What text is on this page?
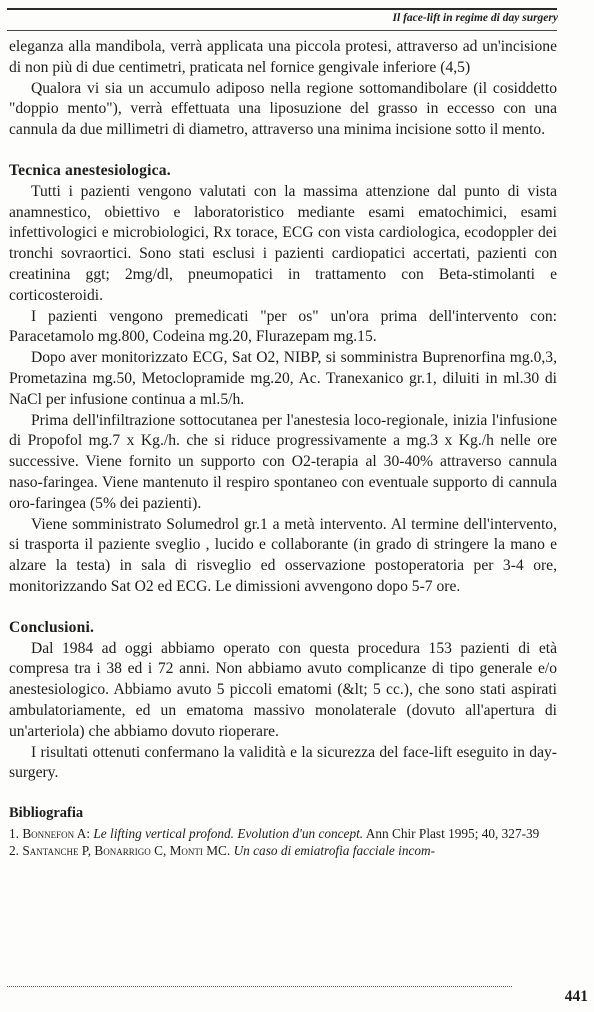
Il face-lift in regime di day surgery

eleganza alla mandibola, verrà applicata una piccola protesi, attraverso ad un'incisione di non più di due centimetri, praticata nel fornice gengivale inferiore (4,5)

Qualora vi sia un accumulo adiposo nella regione sottomandibolare (il cosiddetto "doppio mento"), verrà effettuata una liposuzione del grasso in eccesso con una cannula da due millimetri di diametro, attraverso una minima incisione sotto il mento.

Tecnica anestesiologica.

Tutti i pazienti vengono valutati con la massima attenzione dal punto di vista anamnestico, obiettivo e laboratoristico mediante esami ematochimici, esami infettivologici e microbiologici, Rx torace, ECG con vista cardiologica, ecodoppler dei tronchi sovraortici. Sono stati esclusi i pazienti cardiopatici accertati, pazienti con creatinina ggt; 2mg/dl, pneumopatici in trattamento con Beta-stimolanti e corticosteroidi.

I pazienti vengono premedicati "per os" un'ora prima dell'intervento con: Paracetamolo mg.800, Codeina mg.20, Flurazepam mg.15.

Dopo aver monitorizzato ECG, Sat O2, NIBP, si somministra Buprenorfina mg.0,3, Prometazina mg.50, Metoclopramide mg.20, Ac. Tranexanico gr.1, diluiti in ml.30 di NaCl per infusione continua a ml.5/h.

Prima dell'infiltrazione sottocutanea per l'anestesia loco-regionale, inizia l'infusione di Propofol mg.7 x Kg./h. che si riduce progressivamente a mg.3 x Kg./h nelle ore successive. Viene fornito un supporto con O2-terapia al 30-40% attraverso cannula naso-faringea. Viene mantenuto il respiro spontaneo con eventuale supporto di cannula oro-faringea (5% dei pazienti).

Viene somministrato Solumedrol gr.1 a metà intervento. Al termine dell'intervento, si trasporta il paziente sveglio , lucido e collaborante (in grado di stringere la mano e alzare la testa) in sala di risveglio ed osservazione postoperatoria per 3-4 ore, monitorizzando Sat O2 ed ECG. Le dimissioni avvengono dopo 5-7 ore.

Conclusioni.

Dal 1984 ad oggi abbiamo operato con questa procedura 153 pazienti di età compresa tra i 38 ed i 72 anni. Non abbiamo avuto complicanze di tipo generale e/o anestesiologico. Abbiamo avuto 5 piccoli ematomi (&lt; 5 cc.), che sono stati aspirati ambulatoriamente, ed un ematoma massivo monolaterale (dovuto all'apertura di un'arteriola) che abbiamo dovuto rioperare.

I risultati ottenuti confermano la validità e la sicurezza del face-lift eseguito in day-surgery.

Bibliografia
1. Bonnefon A: Le lifting vertical profond. Evolution d'un concept. Ann Chir Plast 1995; 40, 327-39
2. Santanche P, Bonarrigo C, Monti MC. Un caso di emiatrofia facciale incom-
441
